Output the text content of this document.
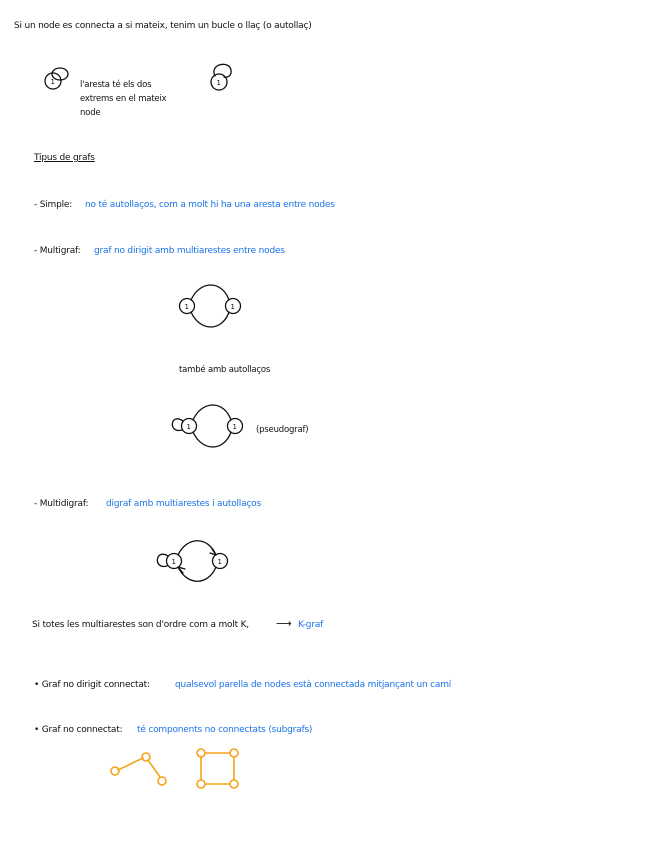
Si un node es connecta a si mateix, tenim un bucle o llaç (o autollaç)
1	l'aresta té els dos
extrems en el mateix
node
1
Tipus de grafs
- Simple: no té autollaços, com a molt hi ha una aresta entre nodes
- Multigraf: graf no dirigit amb multiarestes entre nodes
1	1
també amb autollaços
1	1 (pseudograf)
- Multidigraf: digraf amb multiarestes i autollaços
1	1
Si totes les multiarestes son d'ordre com a molt K, ⟶ K-graf
• Graf no dirigit connectat:	qualsevol parella de nodes està connectada mitjançant un camí
• Graf no connectat: té components no connectats (subgrafs)
